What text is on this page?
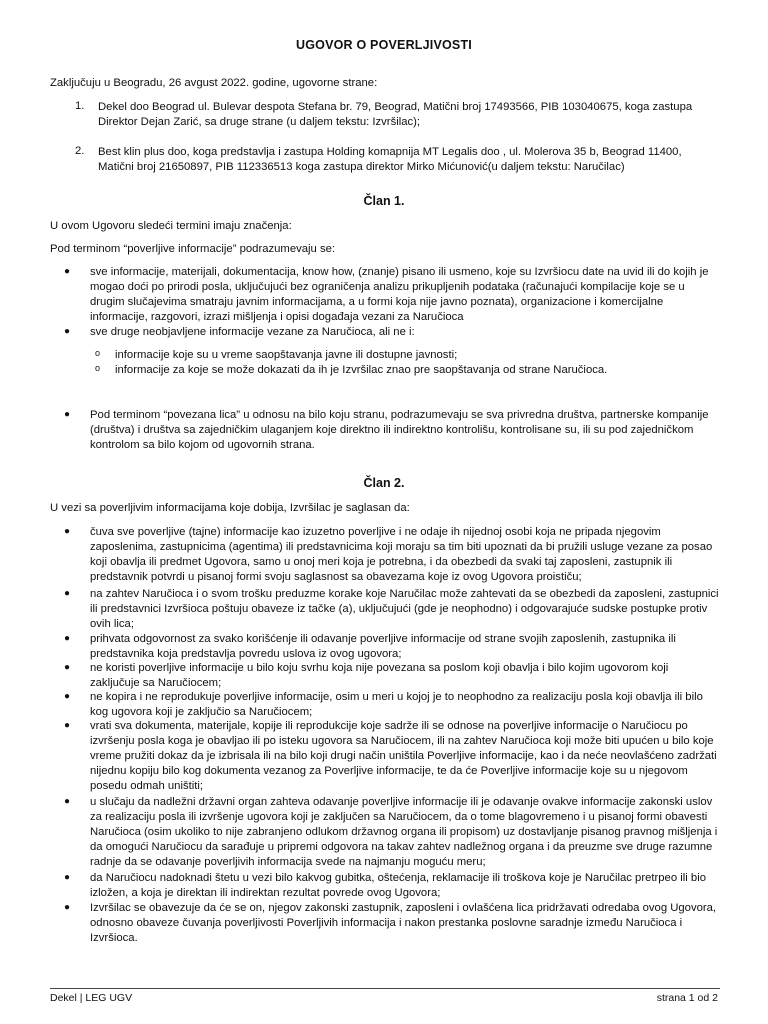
UGOVOR O POVERLJIVOSTI
Zaključuju u Beogradu, 26 avgust 2022. godine, ugovorne strane:
1. Dekel doo Beograd ul. Bulevar despota Stefana br. 79, Beograd, Matični broj 17493566, PIB 103040675, koga zastupa Direktor Dejan Zarić, sa druge strane (u daljem tekstu: Izvršilac);
2. Best klin plus doo, koga predstavlja i zastupa Holding komapnija MT Legalis doo , ul. Molerova 35 b, Beograd 11400, Matični broj 21650897, PIB 112336513 koga zastupa direktor Mirko Mićunović(u daljem tekstu: Naručilac)
Član 1.
U ovom Ugovoru sledeći termini imaju značenja:
Pod terminom “poverljive informacije” podrazumevaju se:
● sve informacije, materijali, dokumentacija, know how, (znanje) pisano ili usmeno, koje su Izvršiocu date na uvid ili do kojih je mogao doći po prirodi posla, uključujući bez ograničenja analizu prikupljenih podataka (računajući kompilacije koje se u drugim slučajevima smatraju javnim informacijama, a u formi koja nije javno poznata), organizacione i komercijalne informacije, razgovori, izrazi mišljenja i opisi događaja vezani za Naručioca
● sve druge neobjavljene informacije vezane za Naručioca, ali ne i:
o informacije koje su u vreme saopštavanja javne ili dostupne javnosti;
o informacije za koje se može dokazati da ih je Izvršilac znao pre saopštavanja od strane Naručioca.
● Pod terminom “povezana lica” u odnosu na bilo koju stranu, podrazumevaju se sva privredna društva, partnerske kompanije (društva) i društva sa zajedničkim ulaganjem koje direktno ili indirektno kontrolišu, kontrolisane su, ili su pod zajedničkom kontrolom sa bilo kojom od ugovornih strana.
Član 2.
U vezi sa poverljivim informacijama koje dobija, Izvršilac je saglasan da:
● čuva sve poverljive (tajne) informacije kao izuzetno poverljive i ne odaje ih nijednoj osobi koja ne pripada njegovim zaposlenima, zastupnicima (agentima) ili predstavnicima koji moraju sa tim biti upoznati da bi pružili usluge vezane za posao koji obavlja ili predmet Ugovora, samo u onoj meri koja je potrebna, i da obezbedi da svaki taj zaposleni, zastupnik ili predstavnik potvrdi u pisanoj formi svoju saglasnost sa obavezama koje iz ovog Ugovora proističu;
● na zahtev Naručioca i o svom trošku preduzme korake koje Naručilac može zahtevati da se obezbedi da zaposleni, zastupnici ili predstavnici Izvršioca poštuju obaveze iz tačke (a), uključujući (gde je neophodno) i odgovarajuće sudske postupke protiv ovih lica;
● prihvata odgovornost za svako korišćenje ili odavanje poverljive informacije od strane svojih zaposlenih, zastupnika ili predstavnika koja predstavlja povredu uslova iz ovog ugovora;
● ne koristi poverljive informacije u bilo koju svrhu koja nije povezana sa poslom koji obavlja i bilo kojim ugovorom koji zaključuje sa Naručiocem;
● ne kopira i ne reprodukuje poverljive informacije, osim u meri u kojoj je to neophodno za realizaciju posla koji obavlja ili bilo kog ugovora koji je zaključio sa Naručiocem;
● vrati sva dokumenta, materijale, kopije ili reprodukcije koje sadrže ili se odnose na poverljive informacije o Naručiocu po izvršenju posla koga je obavljao ili po isteku ugovora sa Naručiocem, ili na zahtev Naručioca koji može biti upućen u bilo koje vreme pružiti dokaz da je izbrisala ili na bilo koji drugi način uništila Poverljive informacije, kao i da neće neovlašćeno zadržati nijednu kopiju bilo kog dokumenta vezanog za Poverljive informacije, te da će Poverljive informacije koje su u njegovom posedu odmah uništiti;
● u slučaju da nadležni državni organ zahteva odavanje poverljive informacije ili je odavanje ovakve informacije zakonski uslov za realizaciju posla ili izvršenje ugovora koji je zaključen sa Naručiocem, da o tome blagovremeno i u pisanoj formi obavesti Naručioca (osim ukoliko to nije zabranjeno odlukom državnog organa ili propisom) uz dostavljanje pisanog pravnog mišljenja i da omogući Naručiocu da sarađuje u pripremi odgovora na takav zahtev nadležnog organa i da preuzme sve druge razumne radnje da se odavanje poverljivih informacija svede na najmanju moguću meru;
● da Naručiocu nadoknadi štetu u vezi bilo kakvog gubitka, oštećenja, reklamacije ili troškova koje je Naručilac pretrpeo ili bio izložen, a koja je direktan ili indirektan rezultat povrede ovog Ugovora;
● Izvršilac se obavezuje da će se on, njegov zakonski zastupnik, zaposleni i ovlašćena lica pridržavati odredaba ovog Ugovora, odnosno obaveze čuvanja poverljivosti Poverljivih informacija i nakon prestanka poslovne saradnje između Naručioca i Izvršioca.
Dekel | LEG UGV	strana 1 od 2
